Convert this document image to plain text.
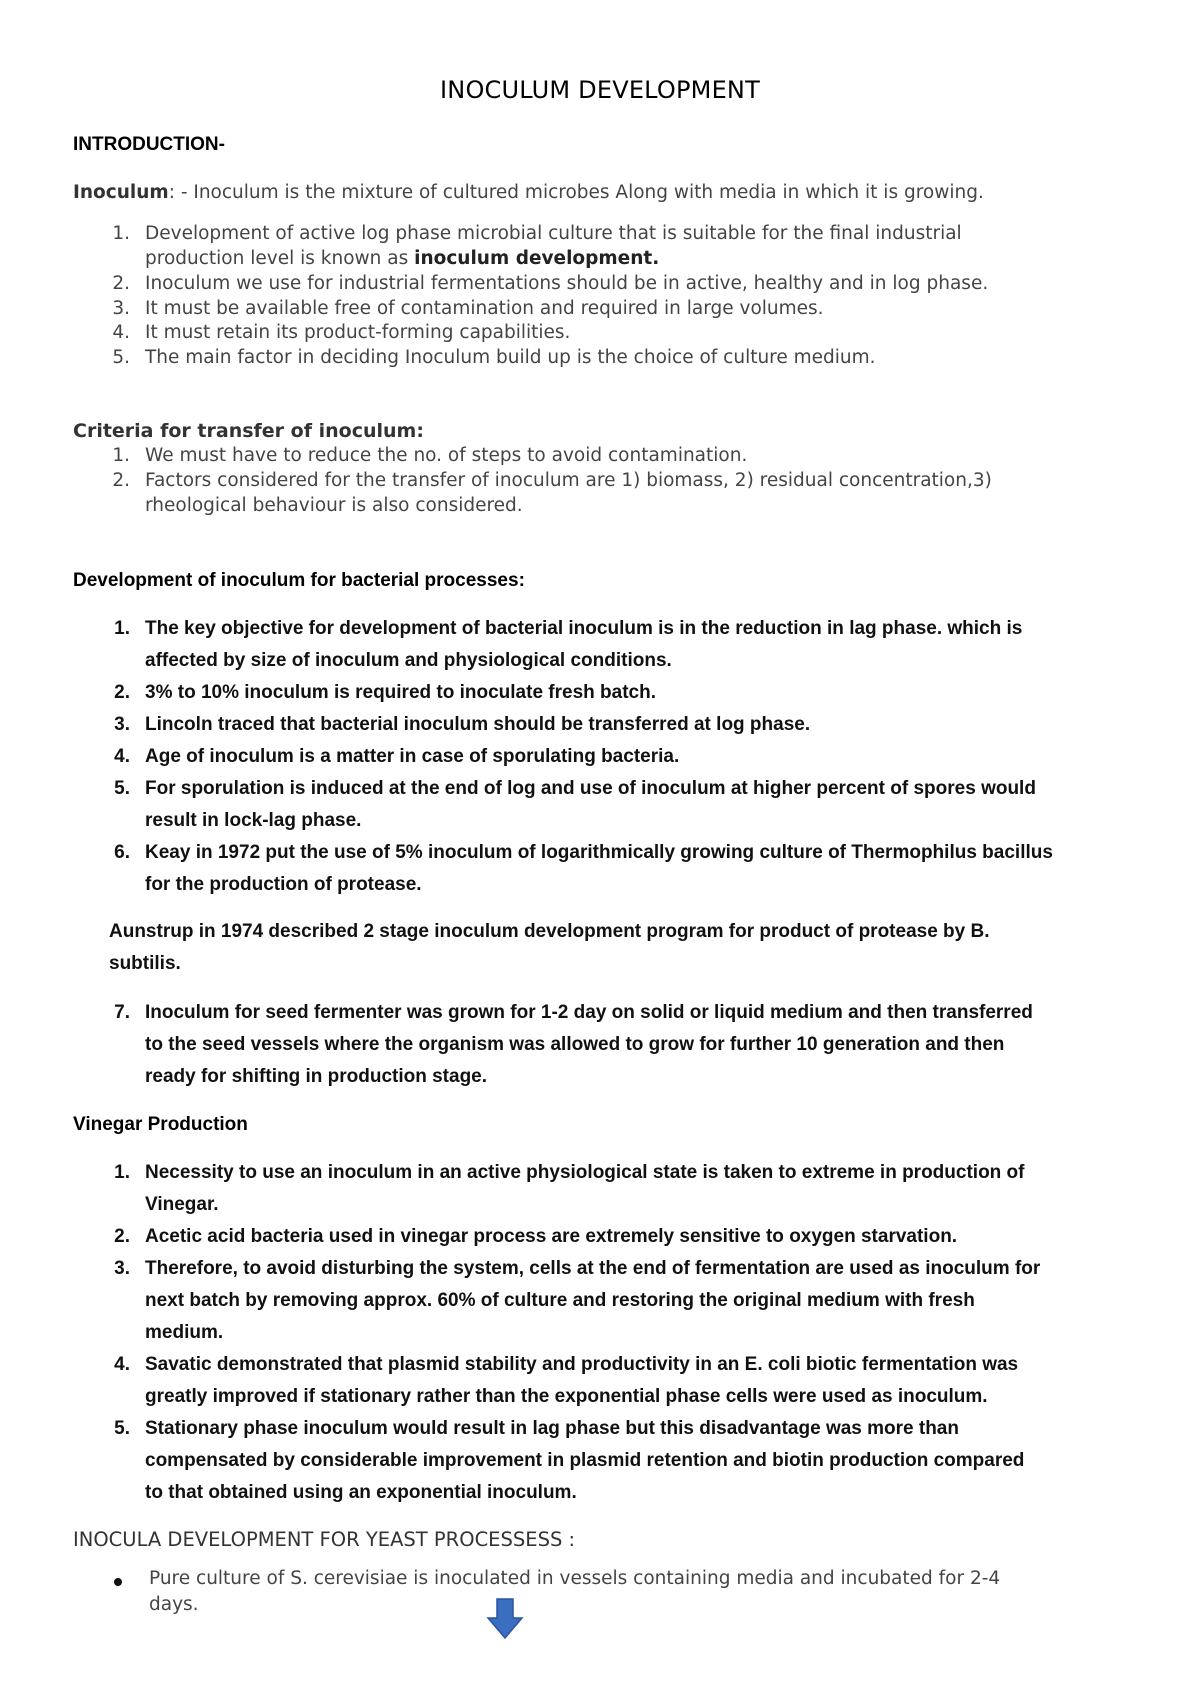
INOCULUM DEVELOPMENT
INTRODUCTION-
Inoculum: - Inoculum is the mixture of cultured microbes Along with media in which it is growing.
1. Development of active log phase microbial culture that is suitable for the final industrial
production level is known as inoculum development.
2. Inoculum we use for industrial fermentations should be in active, healthy and in log phase.
3. It must be available free of contamination and required in large volumes.
4. It must retain its product-forming capabilities.
5. The main factor in deciding Inoculum build up is the choice of culture medium.
Criteria for transfer of inoculum:
1. We must have to reduce the no. of steps to avoid contamination.
2. Factors considered for the transfer of inoculum are 1) biomass, 2) residual concentration,3)
rheological behaviour is also considered.
Development of inoculum for bacterial processes:
1. The key objective for development of bacterial inoculum is in the reduction in lag phase. which is
affected by size of inoculum and physiological conditions.
2. 3% to 10% inoculum is required to inoculate fresh batch.
3. Lincoln traced that bacterial inoculum should be transferred at log phase.
4. Age of inoculum is a matter in case of sporulating bacteria.
5. For sporulation is induced at the end of log and use of inoculum at higher percent of spores would
result in lock-lag phase.
6. Keay in 1972 put the use of 5% inoculum of logarithmically growing culture of Thermophilus bacillus
for the production of protease.
Aunstrup in 1974 described 2 stage inoculum development program for product of protease by B.
subtilis.
7. Inoculum for seed fermenter was grown for 1-2 day on solid or liquid medium and then transferred
to the seed vessels where the organism was allowed to grow for further 10 generation and then
ready for shifting in production stage.
Vinegar Production
1. Necessity to use an inoculum in an active physiological state is taken to extreme in production of
Vinegar.
2. Acetic acid bacteria used in vinegar process are extremely sensitive to oxygen starvation.
3. Therefore, to avoid disturbing the system, cells at the end of fermentation are used as inoculum for
next batch by removing approx. 60% of culture and restoring the original medium with fresh
medium.
4. Savatic demonstrated that plasmid stability and productivity in an E. coli biotic fermentation was
greatly improved if stationary rather than the exponential phase cells were used as inoculum.
5. Stationary phase inoculum would result in lag phase but this disadvantage was more than
compensated by considerable improvement in plasmid retention and biotin production compared
to that obtained using an exponential inoculum.
INOCULA DEVELOPMENT FOR YEAST PROCESSESS :
Pure culture of S. cerevisiae is inoculated in vessels containing media and incubated for 2-4
days.
